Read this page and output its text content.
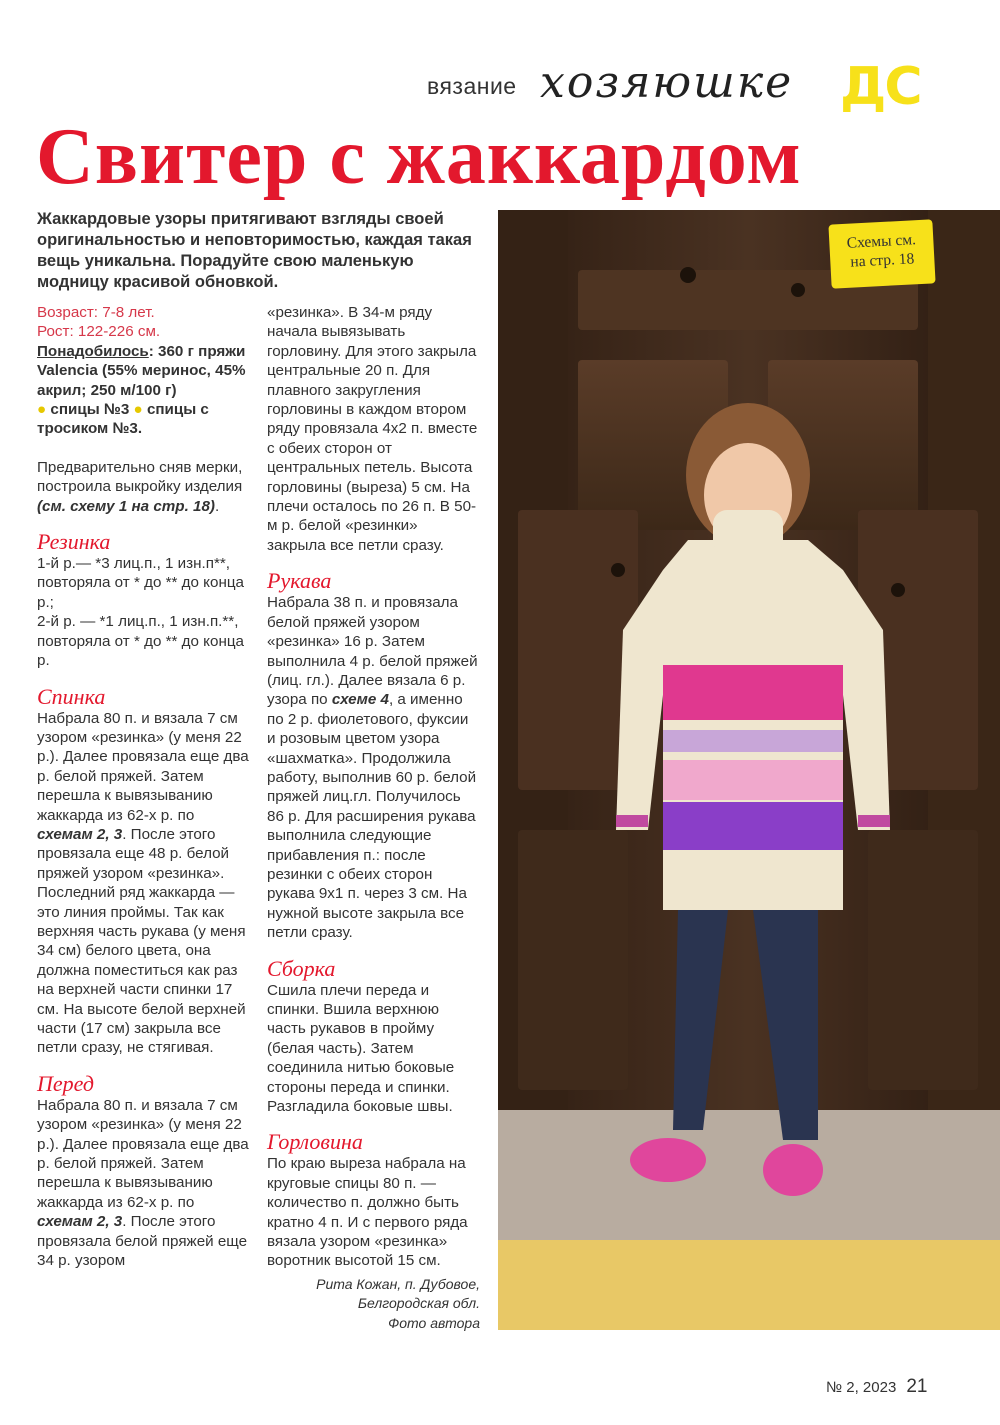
вязание хозяюшке ДС
Свитер с жаккардом
Жаккардовые узоры притягивают взгляды своей оригинальностью и неповторимостью, каждая такая вещь уникальна. Порадуйте свою маленькую модницу красивой обновкой.
Возраст: 7-8 лет.
Рост: 122-226 см.
Понадобилось: 360 г пряжи Valencia (55% меринос, 45% акрил; 250 м/100 г)
● спицы №3 ● спицы с тросиком №3.

Предварительно сняв мерки, построила выкройку изделия (см. схему 1 на стр. 18).

Резинка

1-й р.— *3 лиц.п., 1 изн.п**, повторяла от * до ** до конца р.;

2-й р. — *1 лиц.п., 1 изн.п.**, повторяла от * до ** до конца р.

Спинка

Набрала 80 п. и вязала 7 см узором «резинка» (у меня 22 р.). Далее провязала еще два р. белой пряжей. Затем перешла к вывязыванию жаккарда из 62-х р. по схемам 2, 3. После этого провязала еще 48 р. белой пряжей узором «резинка». Последний ряд жаккарда — это линия проймы. Так как верхняя часть рукава (у меня 34 см) белого цвета, она должна поместиться как раз на верхней части спинки 17 см. На высоте белой верхней части (17 см) закрыла все петли сразу, не стягивая.

Перед

Набрала 80 п. и вязала 7 см узором «резинка» (у меня 22 р.). Далее провязала еще два р. белой пряжей. Затем перешла к вывязыванию жаккарда из 62-х р. по схемам 2, 3. После этого провязала белой пряжей еще 34 р. узором

«резинка». В 34-м ряду начала вывязывать горловину. Для этого закрыла центральные 20 п. Для плавного закругления горловины в каждом втором ряду провязала 4х2 п. вместе с обеих сторон от центральных петель. Высота горловины (выреза) 5 см. На плечи осталось по 26 п. В 50-м р. белой «резинки» закрыла все петли сразу.

Рукава

Набрала 38 п. и провязала белой пряжей узором «резинка» 16 р. Затем выполнила 4 р. белой пряжей (лиц. гл.). Далее вязала 6 р. узора по схеме 4, а именно по 2 р. фиолетового, фуксии и розовым цветом узора «шахматка». Продолжила работу, выполнив 60 р. белой пряжей лиц.гл. Получилось 86 р. Для расширения рукава выполнила следующие прибавления п.: после резинки с обеих сторон рукава 9х1 п. через 3 см. На нужной высоте закрыла все петли сразу.

Сборка

Сшила плечи переда и спинки. Вшила верхнюю часть рукавов в пройму (белая часть). Затем соединила нитью боковые стороны переда и спинки. Разгладила боковые швы.

Горловина

По краю выреза набрала на круговые спицы 80 п. — количество п. должно быть кратно 4 п. И с первого ряда вязала узором «резинка» воротник высотой 15 см.

Рита Кожан, п. Дубовое,
Белгородская обл.
Фото автора
Схемы см.
на стр. 18
№ 2, 2023 21
